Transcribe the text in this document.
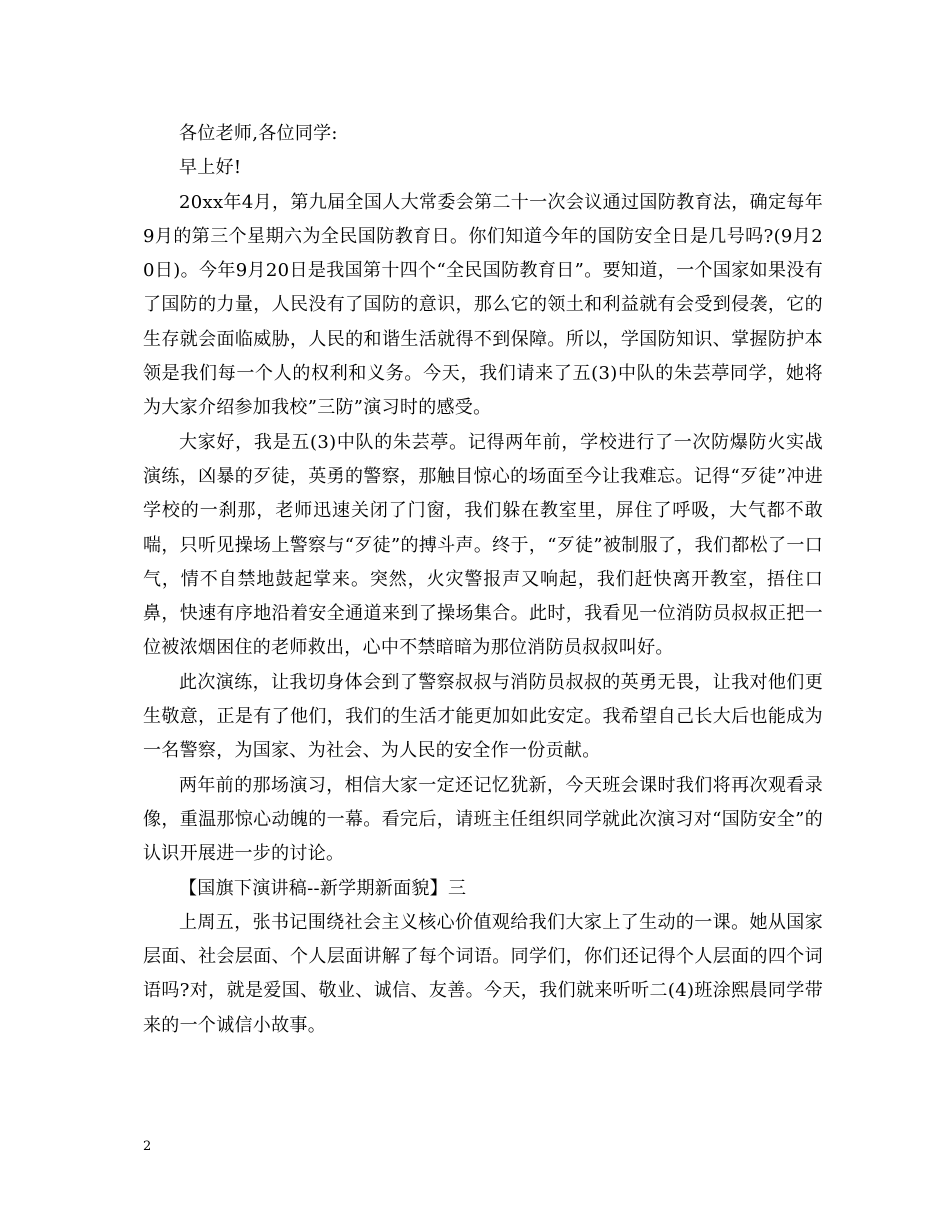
各位老师,各位同学:

早上好!

20xx年4月，第九届全国人大常委会第二十一次会议通过国防教育法，确定每年9月的第三个星期六为全民国防教育日。你们知道今年的国防安全日是几号吗?(9月20日)。今年9月20日是我国第十四个“全民国防教育日”。要知道，一个国家如果没有了国防的力量，人民没有了国防的意识，那么它的领土和利益就有会受到侵袭，它的生存就会面临威胁，人民的和谐生活就得不到保障。所以，学国防知识、掌握防护本领是我们每一个人的权利和义务。今天，我们请来了五(3)中队的朱芸葶同学，她将为大家介绍参加我校”三防”演习时的感受。

大家好，我是五(3)中队的朱芸葶。记得两年前，学校进行了一次防爆防火实战演练，凶暴的歹徒，英勇的警察，那触目惊心的场面至今让我难忘。记得“歹徒”冲进学校的一刹那，老师迅速关闭了门窗，我们躲在教室里，屏住了呼吸，大气都不敢喘，只听见操场上警察与“歹徒”的搏斗声。终于，“歹徒”被制服了，我们都松了一口气，情不自禁地鼓起掌来。突然，火灾警报声又响起，我们赶快离开教室，捂住口鼻，快速有序地沿着安全通道来到了操场集合。此时，我看见一位消防员叔叔正把一位被浓烟困住的老师救出，心中不禁暗暗为那位消防员叔叔叫好。

此次演练，让我切身体会到了警察叔叔与消防员叔叔的英勇无畏，让我对他们更生敬意，正是有了他们，我们的生活才能更加如此安定。我希望自己长大后也能成为一名警察，为国家、为社会、为人民的安全作一份贡献。

两年前的那场演习，相信大家一定还记忆犹新，今天班会课时我们将再次观看录像，重温那惊心动魄的一幕。看完后，请班主任组织同学就此次演习对“国防安全”的认识开展进一步的讨论。

【国旗下演讲稿--新学期新面貌】三

上周五，张书记围绕社会主义核心价值观给我们大家上了生动的一课。她从国家层面、社会层面、个人层面讲解了每个词语。同学们，你们还记得个人层面的四个词语吗?对，就是爱国、敬业、诚信、友善。今天，我们就来听听二(4)班涂熙晨同学带来的一个诚信小故事。

2
